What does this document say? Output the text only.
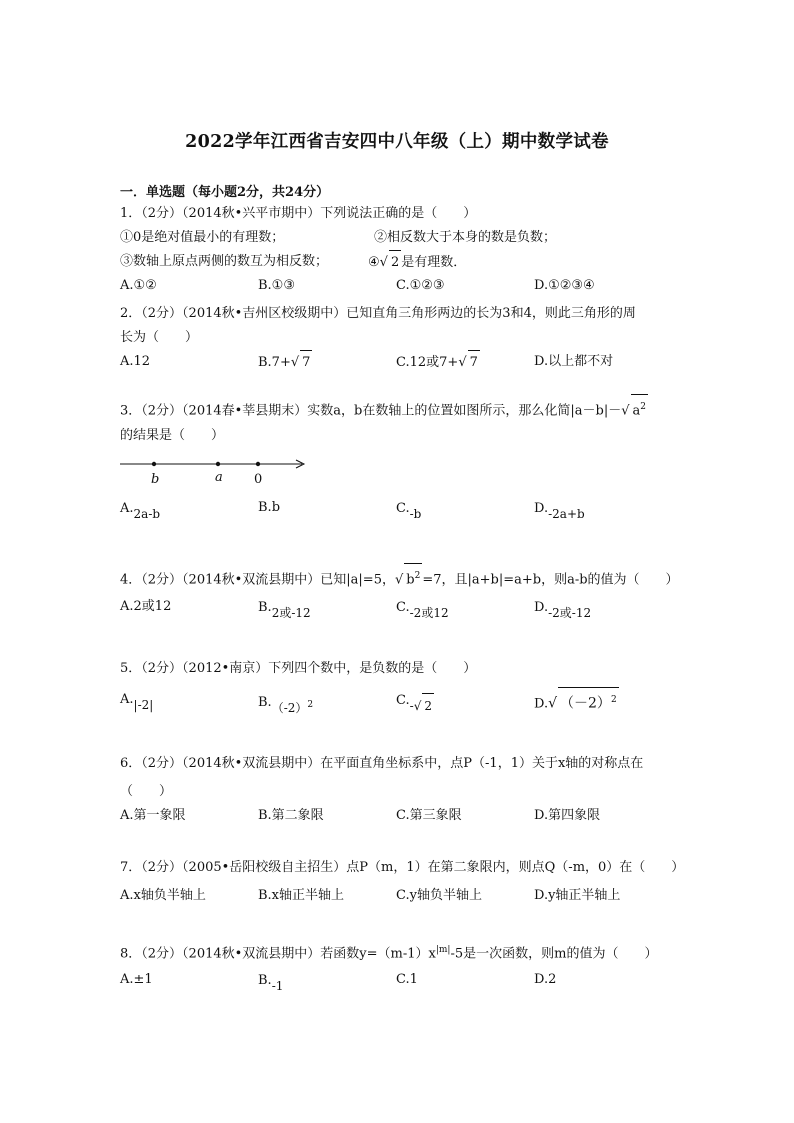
2022学年江西省吉安四中八年级（上）期中数学试卷
一．单选题（每小题2分，共24分）
1．（2分）（2014秋•兴平市期中）下列说法正确的是（　　）
①0是绝对值最小的有理数；	②相反数大于本身的数是负数；
③数轴上原点两侧的数互为相反数；	④√ 2 是有理数．
A.①②	B.①③	C.①②③	D.①②③④
2．（2分）（2014秋•吉州区校级期中）已知直角三角形两边的长为3和4，则此三角形的周
长为（　　）
A.12	B.7+√ 7	C.12或7+√ 7	D.以上都不对
3．（2分）（2014春•莘县期末）实数a，b在数轴上的位置如图所示，那么化简|a－b|－√ $a^2$
的结果是（　　）
b	a 0
A.2a-b	B.b	C.-b	D.-2a+b
4．（2分）（2014秋•双流县期中）已知|a|=5，√ $b^2 =7$，且|a+b|=a+b，则a-b的值为（　　）
A.2或12	B.2或-12	C.-2或12	D.-2或-12
5．（2分）（2012•南京）下列四个数中，是负数的是（　　）
A.|-2|	$B.(-2)^2$	C.-√ 2	D.√ $(-2)^2$
6．（2分）（2014秋•双流县期中）在平面直角坐标系中，点P（-1，1）关于x轴的对称点在
（　　）
A.第一象限	B.第二象限	C.第三象限	D.第四象限
7．（2分）（2005•岳阳校级自主招生）点P（m，1）在第二象限内，则点Q（-m，0）在（　　）
A.x轴负半轴上	B.x轴正半轴上	C.y轴负半轴上	D.y轴正半轴上
8．（2分）（2014秋•双流县期中）若函数$y=(m-1)x^{|m|}-5$是一次函数，则m的值为（　　）
A.±1	B.-1	C.1	D.2
